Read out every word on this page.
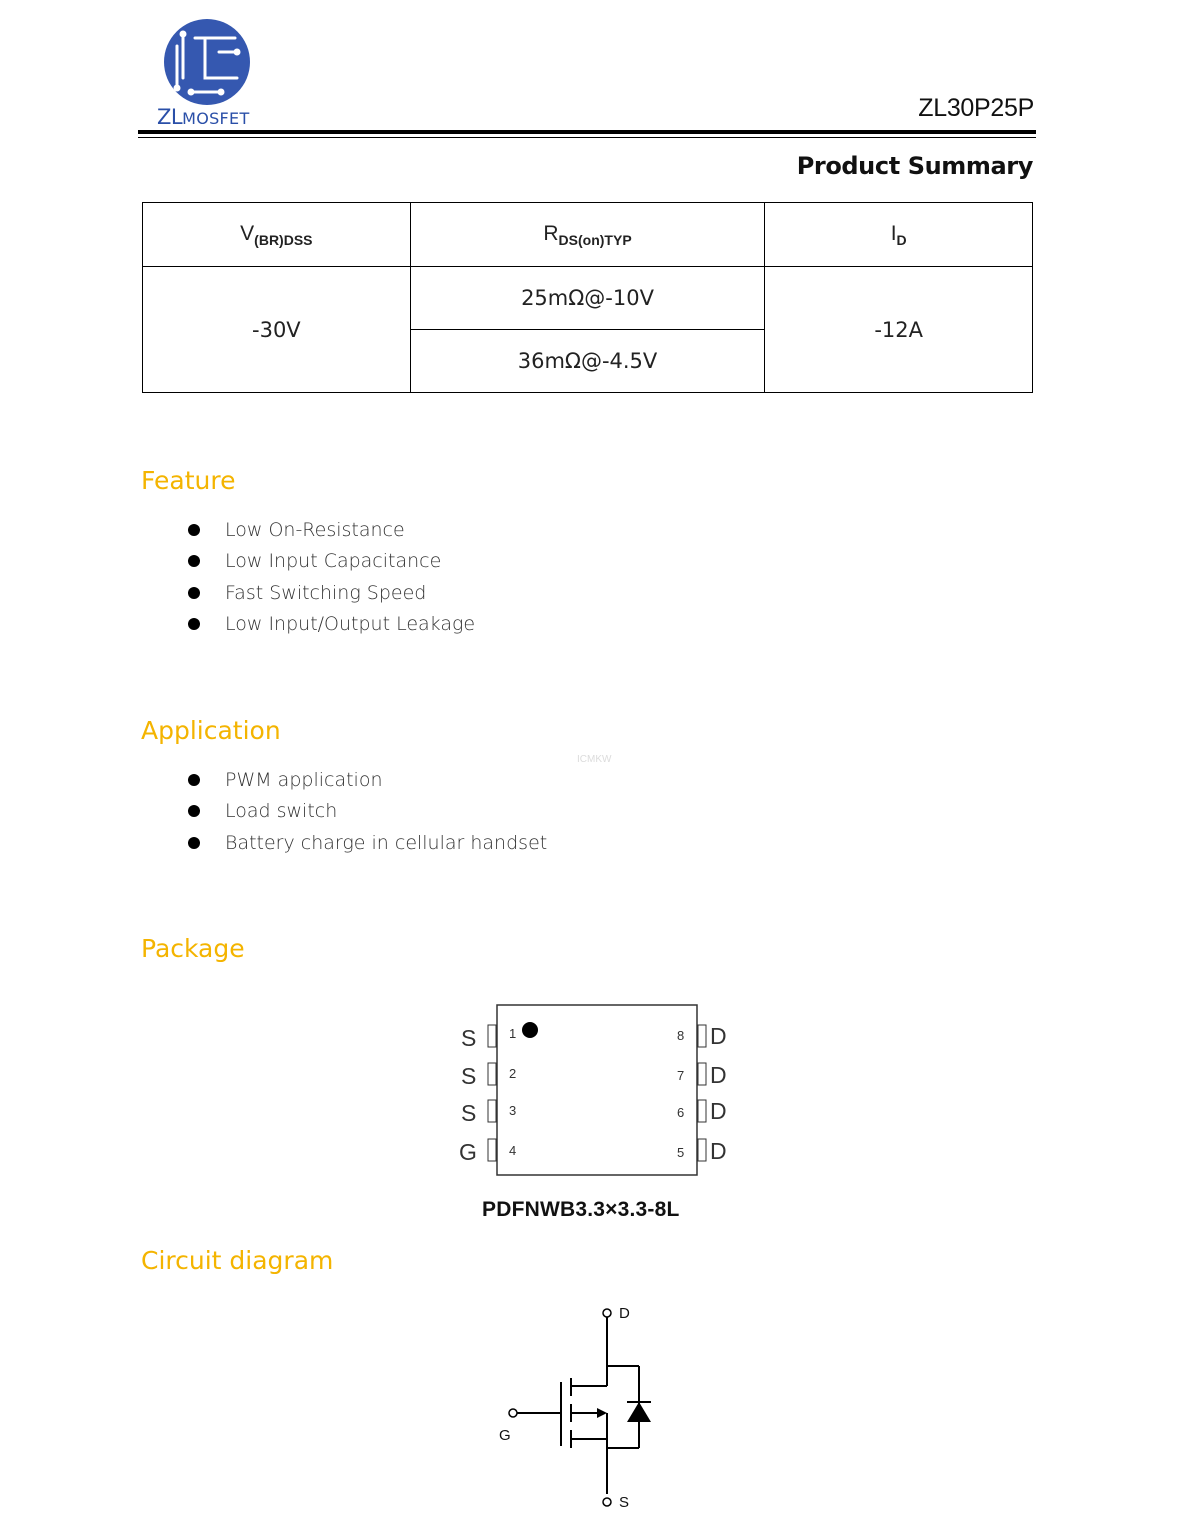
ZLMOSFET	ZL30P25P
Product Summary
$V_{(BR)DSS}$	$R_{DS(on)TYP}$	$I_D$
-30V	25mΩ@-10V	-12A
	36mΩ@-4.5V	
Feature
Low On-Resistance
Low Input Capacitance
Fast Switching Speed
Low Input/Output Leakage
Application
ICMKW
PWM application
Load switch
Battery charge in cellular handset
Package
S
S
S
G
1
2
3
4
8
7
6
5
D
D
D
D
PDFNWB3.3×3.3-8L
Circuit diagram
D
G
S
